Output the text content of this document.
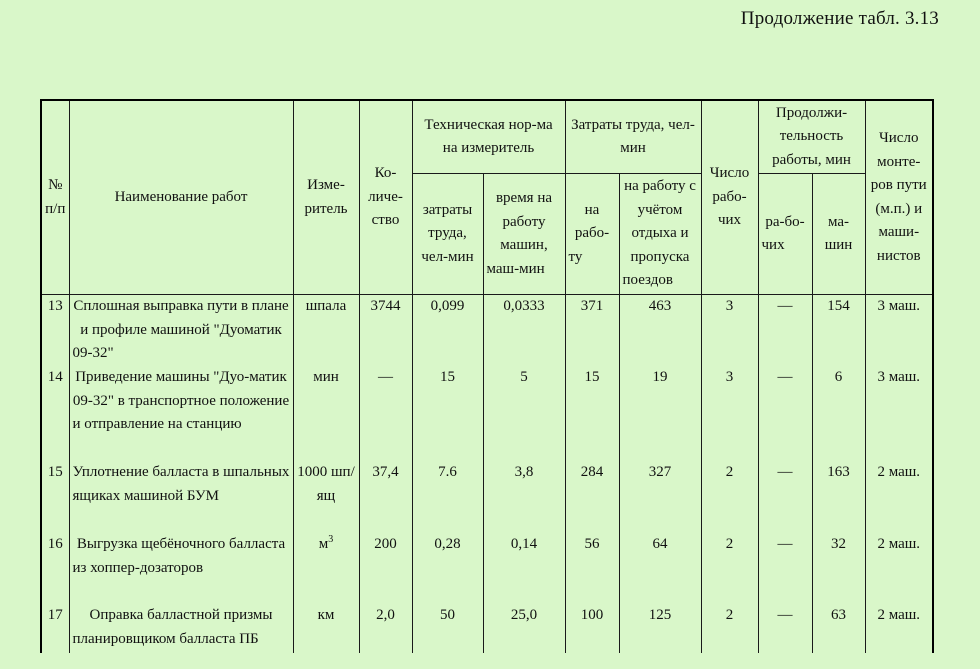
Продолжение табл. 3.13
№ п/п	Наименование работ	Изме-ритель	Ко-личе-ство	Техническая нор-ма на измеритель		Затраты труда, чел-мин		Число рабо-чих	Продолжи-тельность работы, мин		Число монте-ров пути (м.п.) и маши-нистов
				затраты труда, чел-мин	время на работу машин, маш-мин	на рабо-ту	на работу с учётом отдыха и пропуска поездов		ра-бо-чих	ма-шин	
13	Сплошная выправка пути в плане и профиле машиной "Дуоматик 09-32"	шпала	3744	0,099	0,0333	371	463	3	—	154	3 маш.
14	Приведение машины "Дуо-матик 09-32" в транспортное положение и отправление на станцию	мин	—	15	5	15	19	3	—	6	3 маш.
15	Уплотнение балласта в шпальных ящиках машиной БУМ	1000 шп/ящ	37,4	7.6	3,8	284	327	2	—	163	2 маш.
16	Выгрузка щебёночного балласта из хоппер-дозаторов	$м^3$	200	0,28	0,14	56	64	2	—	32	2 маш.
17	Оправка балластной призмы планировщиком балласта ПБ	км	2,0	50	25,0	100	125	2	—	63	2 маш.
